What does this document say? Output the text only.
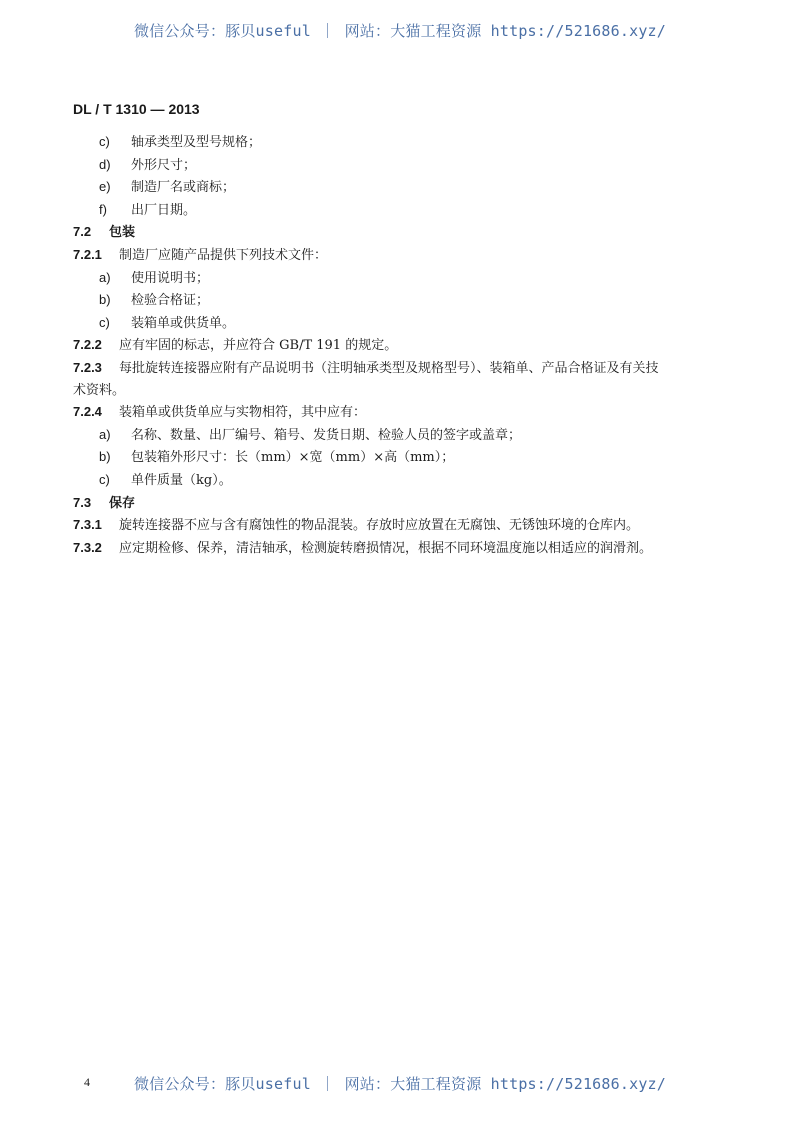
微信公众号：豚贝useful ｜ 网站：大猫工程资源 https://521686.xyz/
DL / T 1310 — 2013
c) 轴承类型及型号规格；
d) 外形尺寸；
e) 制造厂名或商标；
f) 出厂日期。
7.2 包装
7.2.1 制造厂应随产品提供下列技术文件：
a) 使用说明书；
b) 检验合格证；
c) 装箱单或供货单。
7.2.2 应有牢固的标志，并应符合 GB/T 191 的规定。
7.2.3 每批旋转连接器应附有产品说明书（注明轴承类型及规格型号）、装箱单、产品合格证及有关技
术资料。
7.2.4 装箱单或供货单应与实物相符，其中应有：
a) 名称、数量、出厂编号、箱号、发货日期、检验人员的签字或盖章；
b) 包装箱外形尺寸：长（mm）×宽（mm）×高（mm）；
c) 单件质量（kg）。
7.3 保存
7.3.1 旋转连接器不应与含有腐蚀性的物品混装。存放时应放置在无腐蚀、无锈蚀环境的仓库内。
7.3.2 应定期检修、保养，清洁轴承，检测旋转磨损情况，根据不同环境温度施以相适应的润滑剂。
4	微信公众号：豚贝useful ｜ 网站：大猫工程资源 https://521686.xyz/
